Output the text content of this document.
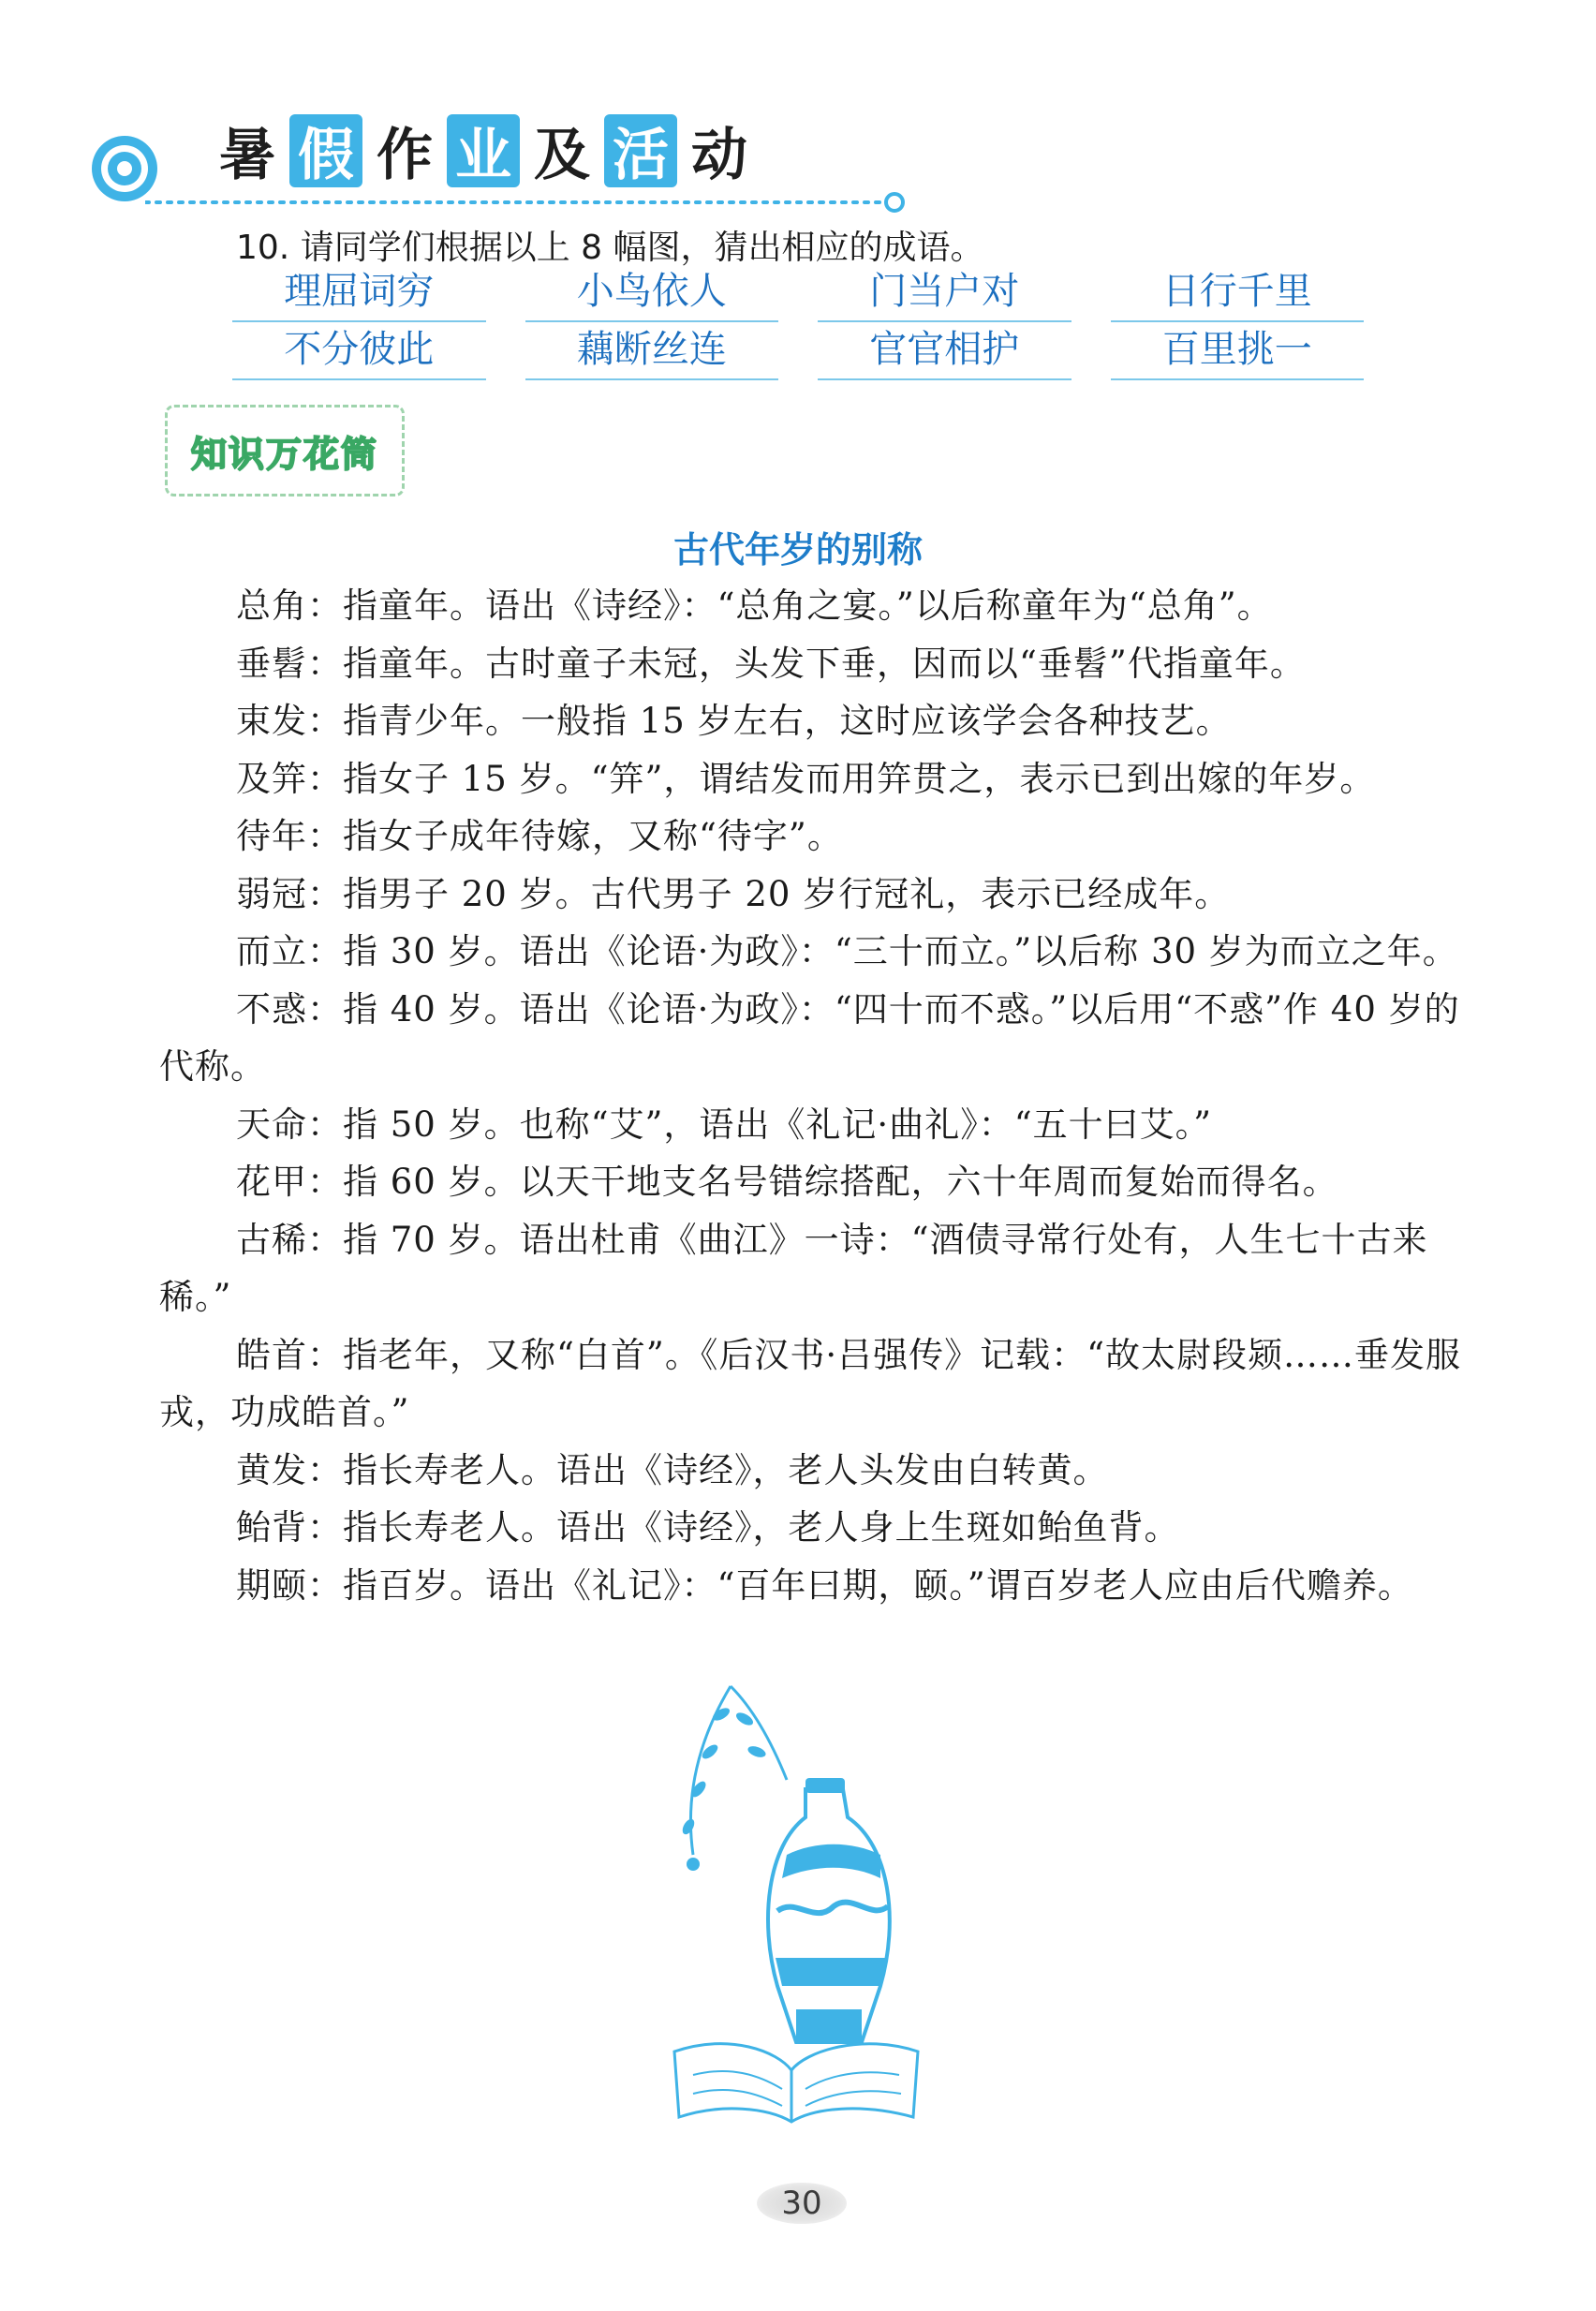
暑 假 作 业 及 活 动
10. 请同学们根据以上 8 幅图，猜出相应的成语。
理屈词穷	小鸟依人	门当户对	日行千里
不分彼此	藕断丝连	官官相护	百里挑一
知识万花筒
古代年岁的别称

总角：指童年。语出《诗经》：“总角之宴。”以后称童年为“总角”。

垂髫：指童年。古时童子未冠，头发下垂，因而以“垂髫”代指童年。

束发：指青少年。一般指 15 岁左右，这时应该学会各种技艺。

及笄：指女子 15 岁。“笄”，谓结发而用笄贯之，表示已到出嫁的年岁。

待年：指女子成年待嫁，又称“待字”。

弱冠：指男子 20 岁。古代男子 20 岁行冠礼，表示已经成年。

而立：指 30 岁。语出《论语·为政》：“三十而立。”以后称 30 岁为而立之年。

不惑：指 40 岁。语出《论语·为政》：“四十而不惑。”以后用“不惑”作 40 岁的代称。

天命：指 50 岁。也称“艾”，语出《礼记·曲礼》：“五十曰艾。”

花甲：指 60 岁。以天干地支名号错综搭配，六十年周而复始而得名。

古稀：指 70 岁。语出杜甫《曲江》一诗：“酒债寻常行处有，人生七十古来稀。”

皓首：指老年，又称“白首”。《后汉书·吕强传》记载：“故太尉段颎……垂发服戎，功成皓首。”

黄发：指长寿老人。语出《诗经》，老人头发由白转黄。

鲐背：指长寿老人。语出《诗经》，老人身上生斑如鲐鱼背。

期颐：指百岁。语出《礼记》：“百年曰期，颐。”谓百岁老人应由后代赡养。

30
